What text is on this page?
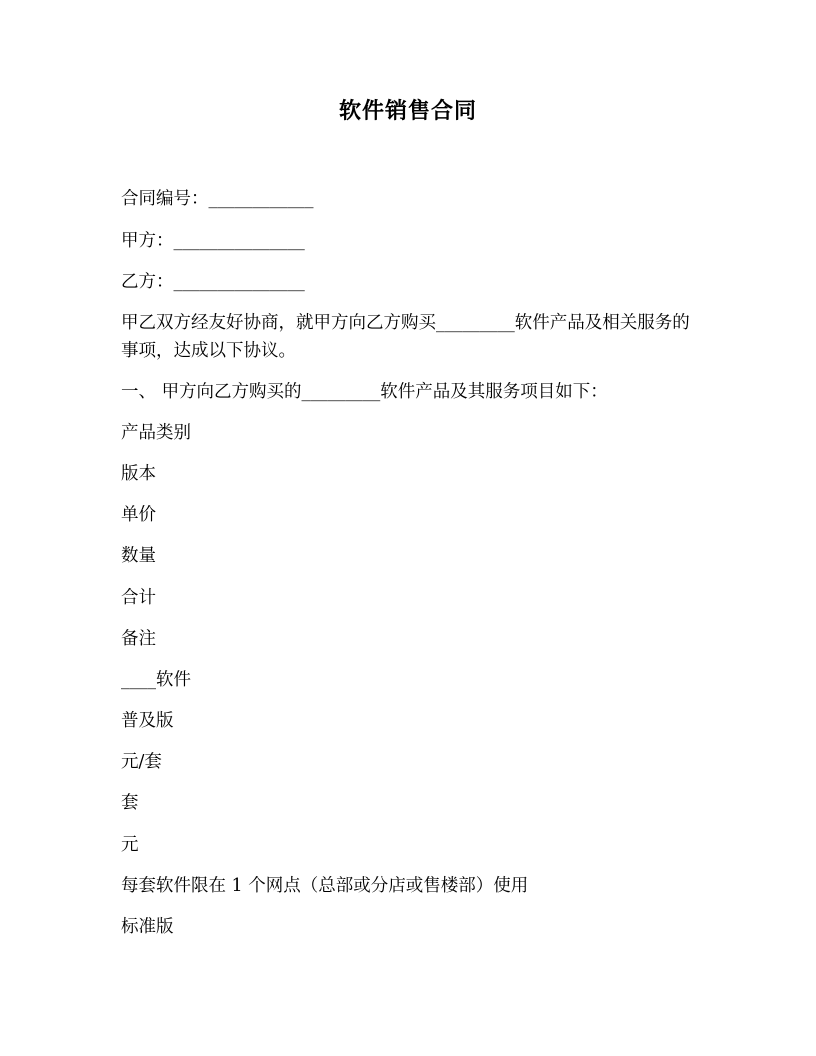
软件销售合同
合同编号：____________
甲方：_______________
乙方：_______________
甲乙双方经友好协商，就甲方向乙方购买_________软件产品及相关服务的事项，达成以下协议。
一、 甲方向乙方购买的_________软件产品及其服务项目如下：
产品类别
版本
单价
数量
合计
备注
____软件
普及版
元/套
套
元
每套软件限在 1 个网点（总部或分店或售楼部）使用
标准版
